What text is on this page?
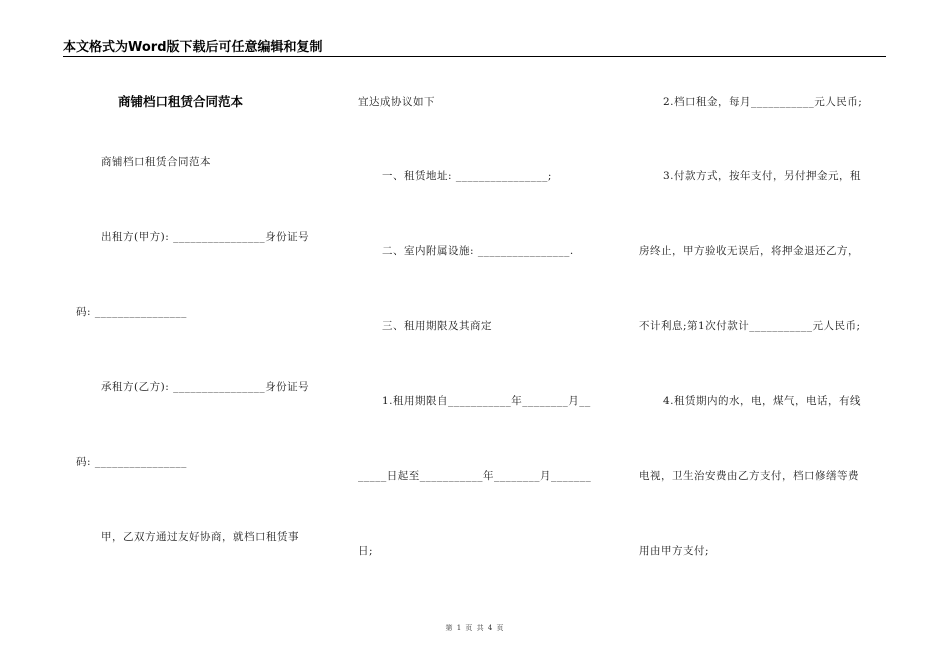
本文格式为Word版下载后可任意编辑和复制
商铺档口租赁合同范本
商铺档口租赁合同范本
出租方(甲方): ________________身份证号
码: ________________
承租方(乙方): ________________身份证号
码: ________________
甲，乙双方通过友好协商，就档口租赁事
宜达成协议如下
一、租赁地址: ________________;
二、室内附属设施: ________________.
三、租用期限及其商定
1.租用期限自___________年________月__
_____日起至___________年________月_______
日;
2.档口租金，每月___________元人民币;
3.付款方式，按年支付，另付押金元，租
房终止，甲方验收无误后，将押金退还乙方，
不计利息;第1次付款计___________元人民币;
4.租赁期内的水，电，煤气，电话，有线
电视，卫生治安费由乙方支付，档口修缮等费
用由甲方支付;
第 1 页 共 4 页
